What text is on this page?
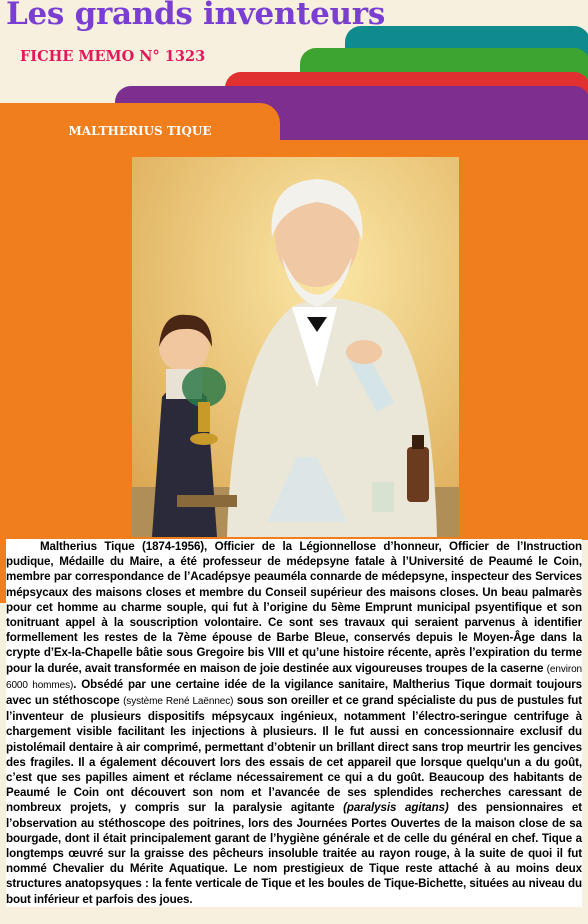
Les grands inventeurs
FICHE MEMO N° 1323
MALTHERIUS TIQUE

Maltherius Tique (1874-1956), Officier de la Légionnellose d’honneur, Officier de l’Instruction pudique, Médaille du Maire, a été professeur de médepsyne fatale à l’Université de Peaumé le Coin, membre par correspondance de l’Acadépsye peauméla connarde de médepsyne, inspecteur des Services mépsycaux des maisons closes et membre du Conseil supérieur des maisons closes. Un beau palmarès pour cet homme au charme souple, qui fut à l’origine du 5ème Emprunt municipal psyentifique et son tonitruant appel à la souscription volontaire. Ce sont ses travaux qui seraient parvenus à identifier formellement les restes de la 7ème épouse de Barbe Bleue, conservés depuis le Moyen-Âge dans la crypte d’Ex-la-Chapelle bâtie sous Gregoire bis VIII et qu’une histoire récente, après l’expiration du terme pour la durée, avait transformée en maison de joie destinée aux vigoureuses troupes de la caserne (environ 6000 hommes). Obsédé par une certaine idée de la vigilance sanitaire, Maltherius Tique dormait toujours avec un stéthoscope (système René Laënnec) sous son oreiller et ce grand spécialiste du pus de pustules fut l’inventeur de plusieurs dispositifs mépsycaux ingénieux, notamment l’électro-seringue centrifuge à chargement visible facilitant les injections à plusieurs. Il le fut aussi en concessionnaire exclusif du pistolémail dentaire à air comprimé, permettant d’obtenir un brillant direct sans trop meurtrir les gencives des fragiles. Il a également découvert lors des essais de cet appareil que lorsque quelqu'un a du goût, c’est que ses papilles aiment et réclame nécessairement ce qui a du goût. Beaucoup des habitants de Peaumé le Coin ont découvert son nom et l’avancée de ses splendides recherches caressant de nombreux projets, y compris sur la paralysie agitante (paralysis agitans) des pensionnaires et l’observation au stéthoscope des poitrines, lors des Journées Portes Ouvertes de la maison close de sa bourgade, dont il était principalement garant de l’hygiène générale et de celle du général en chef. Tique a longtemps œuvré sur la graisse des pêcheurs insoluble traitée au rayon rouge, à la suite de quoi il fut nommé Chevalier du Mérite Aquatique. Le nom prestigieux de Tique reste attaché à au moins deux structures anatopsyques : la fente verticale de Tique et les boules de Tique-Bichette, situées au niveau du bout inférieur et parfois des joues.
